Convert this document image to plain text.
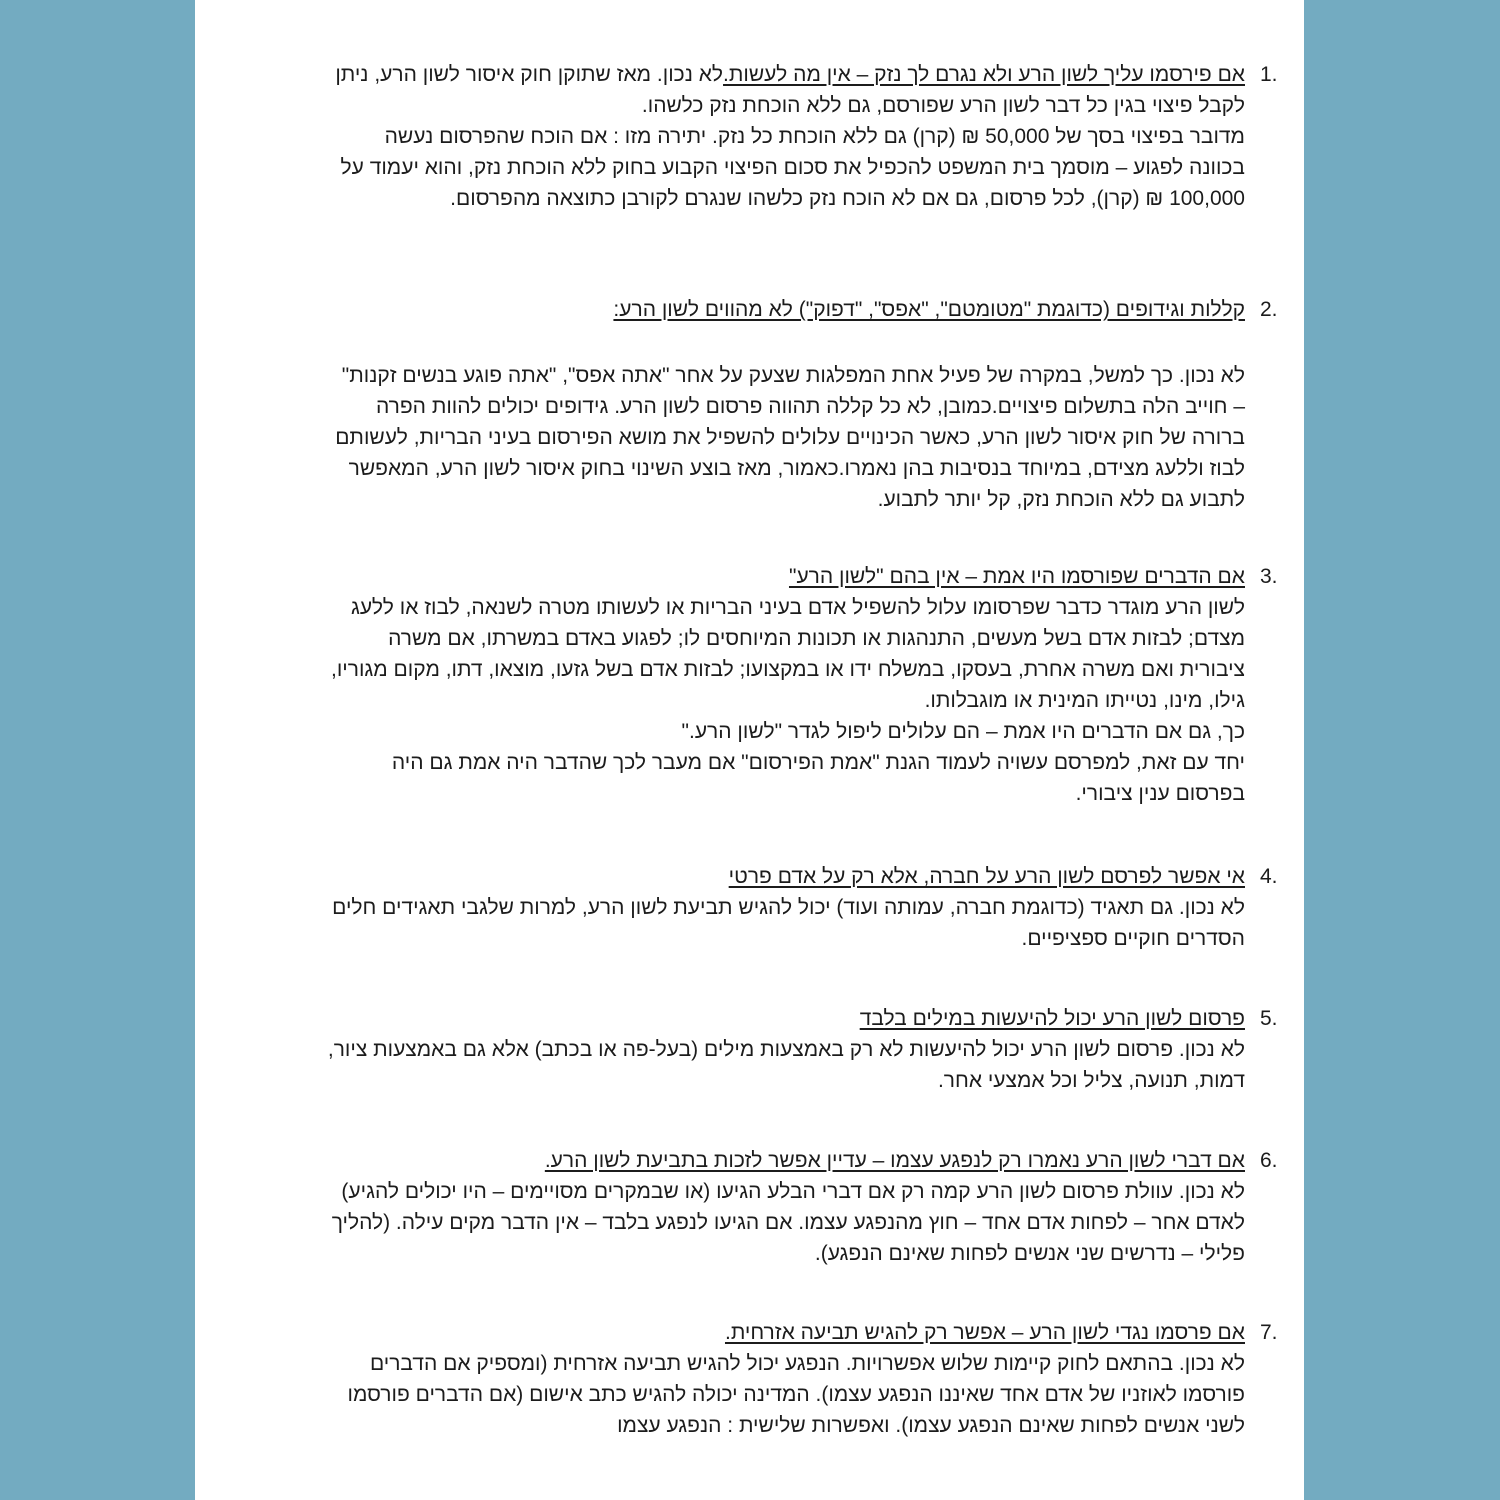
1.

אם פירסמו עליך לשון הרע ולא נגרם לך נזק – אין מה לעשות.לא נכון. מאז שתוקן חוק איסור לשון הרע, ניתן לקבל פיצוי בגין כל דבר לשון הרע שפורסם, גם ללא הוכחת נזק כלשהו.

מדובר בפיצוי בסך של 50,000 ₪ (קרן) גם ללא הוכחת כל נזק. יתירה מזו : אם הוכח שהפרסום נעשה בכוונה לפגוע – מוסמך בית המשפט להכפיל את סכום הפיצוי הקבוע בחוק ללא הוכחת נזק, והוא יעמוד על 100,000 ₪ (קרן), לכל פרסום, גם אם לא הוכח נזק כלשהו שנגרם לקורבן כתוצאה מהפרסום.

2.

קללות וגידופים (כדוגמת "מטומטם", "אפס", "דפוק") לא מהווים לשון הרע:

לא נכון. כך למשל, במקרה של פעיל אחת המפלגות שצעק על אחר "אתה אפס", "אתה פוגע בנשים זקנות" – חוייב הלה בתשלום פיצויים.כמובן, לא כל קללה תהווה פרסום לשון הרע. גידופים יכולים להוות הפרה ברורה של חוק איסור לשון הרע, כאשר הכינויים עלולים להשפיל את מושא הפירסום בעיני הבריות, לעשותם לבוז וללעג מצידם, במיוחד בנסיבות בהן נאמרו.כאמור, מאז בוצע השינוי בחוק איסור לשון הרע, המאפשר לתבוע גם ללא הוכחת נזק, קל יותר לתבוע.

3.

אם הדברים שפורסמו היו אמת – אין בהם "לשון הרע"

לשון הרע מוגדר כדבר שפרסומו עלול להשפיל אדם בעיני הבריות או לעשותו מטרה לשנאה, לבוז או ללעג מצדם; לבזות אדם בשל מעשים, התנהגות או תכונות המיוחסים לו; לפגוע באדם במשרתו, אם משרה ציבורית ואם משרה אחרת, בעסקו, במשלח ידו או במקצועו; לבזות אדם בשל גזעו, מוצאו, דתו, מקום מגוריו, גילו, מינו, נטייתו המינית או מוגבלותו.

כך, גם אם הדברים היו אמת – הם עלולים ליפול לגדר "לשון הרע."

יחד עם זאת, למפרסם עשויה לעמוד הגנת "אמת הפירסום" אם מעבר לכך שהדבר היה אמת גם היה בפרסום ענין ציבורי.

4.

אי אפשר לפרסם לשון הרע על חברה, אלא רק על אדם פרטי

לא נכון. גם תאגיד (כדוגמת חברה, עמותה ועוד) יכול להגיש תביעת לשון הרע, למרות שלגבי תאגידים חלים הסדרים חוקיים ספציפיים.

5.

פרסום לשון הרע יכול להיעשות במילים בלבד

לא נכון. פרסום לשון הרע יכול להיעשות לא רק באמצעות מילים (בעל-פה או בכתב) אלא גם באמצעות ציור, דמות, תנועה, צליל וכל אמצעי אחר.

6.

אם דברי לשון הרע נאמרו רק לנפגע עצמו – עדיין אפשר לזכות בתביעת לשון הרע.

לא נכון. עוולת פרסום לשון הרע קמה רק אם דברי הבלע הגיעו (או שבמקרים מסויימים – היו יכולים להגיע) לאדם אחר – לפחות אדם אחד – חוץ מהנפגע עצמו. אם הגיעו לנפגע בלבד – אין הדבר מקים עילה. (להליך פלילי – נדרשים שני אנשים לפחות שאינם הנפגע).

7.

אם פרסמו נגדי לשון הרע – אפשר רק להגיש תביעה אזרחית.

לא נכון. בהתאם לחוק קיימות שלוש אפשרויות. הנפגע יכול להגיש תביעה אזרחית (ומספיק אם הדברים פורסמו לאוזניו של אדם אחד שאיננו הנפגע עצמו). המדינה יכולה להגיש כתב אישום (אם הדברים פורסמו לשני אנשים לפחות שאינם הנפגע עצמו). ואפשרות שלישית : הנפגע עצמו
